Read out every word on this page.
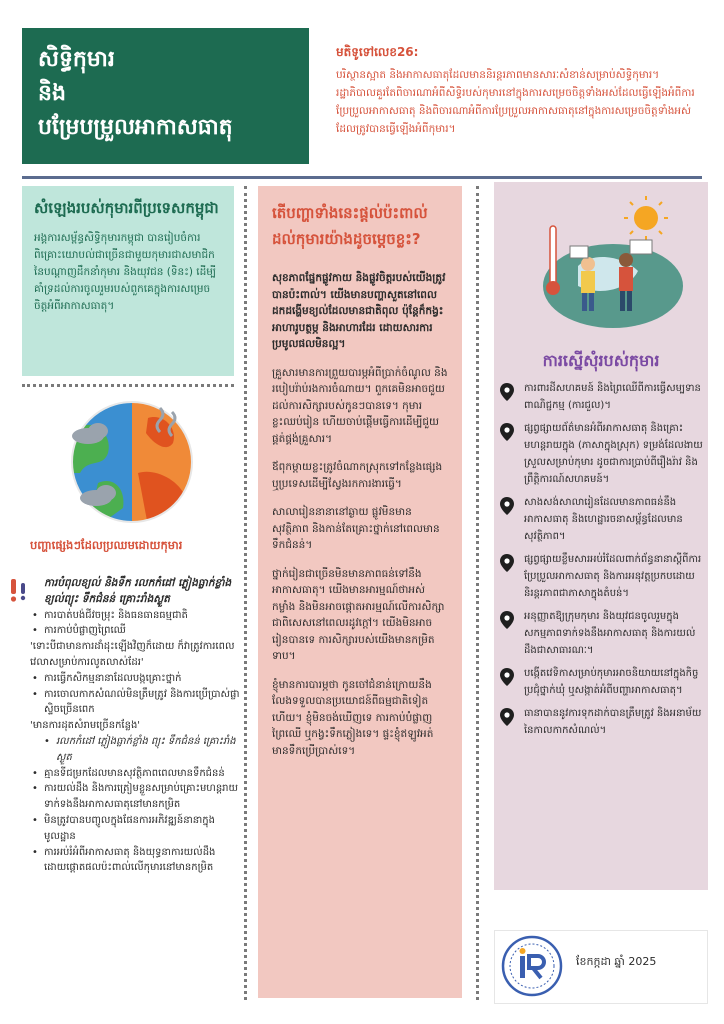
សិទ្ធិកុមារ
និង
បម្រែបម្រួលអាកាសធាតុ
មតិទូទៅលេខ26:
បរិស្ថានស្អាត និងអាកាសធាតុដែលមាននិរន្តរភាពមានសារៈសំខាន់សម្រាប់សិទ្ធិកុមារ។ រដ្ឋាភិបាលគួរតែពិចារណាអំពីសិទ្ធិរបស់កុមារនៅក្នុងការសម្រេចចិត្តទាំងអស់ដែលធ្វើឡើងអំពីការប្រែប្រួលអាកាសធាតុ និងពិចារណាអំពីការប្រែប្រួលអាកាសធាតុនៅក្នុងការសម្រេចចិត្តទាំងអស់ដែលត្រូវបានធ្វើឡើងអំពីកុមារ។
សំឡេងរបស់កុមារពីប្រទេសកម្ពុជា
អង្គការសម្ព័ន្ធសិទ្ធិកុមារកម្ពុជា បានរៀបចំការពិគ្រោះយោបល់ជាច្រើនជាមួយកុមារជាសមាជិកនៃបណ្តាញដឹកនាំកុមារ និងយុវជន (ទិនះ) ដើម្បីគាំទ្រដល់ការចូលរួមរបស់ពួកគេក្នុងការសម្រេចចិត្តអំពីអាកាសធាតុ។
បញ្ហាផ្សេងៗដែលប្រឈមដោយកុមារ
ការបំពុលខ្យល់ និងទឹក រលកកំដៅ ភ្លៀងធ្លាក់ខ្លាំង ខ្យល់ព្យុះ ទឹកជំនន់ គ្រោះរាំងស្ងួត
• ការបាត់បង់ជីវចម្រុះ និងធនធានធម្មជាតិ
• ការកាប់បំផ្លាញព្រៃឈើ
'ទោះបីជាមានការដាំដុះឡើងវិញក៏ដោយ ក៏វាត្រូវការពេលវេលាសម្រាប់ការលូតលាស់ដែរ'
• ការធ្វើកសិកម្មនានាដែលបង្កគ្រោះថ្នាក់
• ការចោលកាកសំណល់មិនត្រឹមត្រូវ និងការប្រើប្រាស់ផ្លាស្ទិចច្រើនពេក
'មានការដុតសំរាមច្រើនកន្លែង'
• រលកកំដៅ ភ្លៀងធ្លាក់ខ្លាំង ព្យុះ ទឹកជំនន់ គ្រោះរាំងស្ងួត
• គ្មានទីជម្រកដែលមានសុវត្ថិភាពពេលមានទឹកជំនន់
• ការយល់ដឹង និងការត្រៀមខ្លួនសម្រាប់គ្រោះមហន្តរាយទាក់ទងនឹងអាកាសធាតុនៅមានកម្រិត
• មិនត្រូវបានបញ្ចូលក្នុងផែនការអភិវឌ្ឍន៍នានាក្នុងមូលដ្ឋាន
• ការអប់រំអំពីអាកាសធាតុ និងយុទ្ធនាការយល់ដឹងដោយផ្តោតផលប៉ះពាល់លើកុមារនៅមានកម្រិត
តើបញ្ហាទាំងនេះផ្តល់ប៉ះពាល់ដល់កុមារយ៉ាងដូចម្តេចខ្លះ?
សុខភាពផ្នែកផ្លូវកាយ និងផ្លូវចិត្តរបស់យើងត្រូវបានប៉ះពាល់។ យើងមានបញ្ហាសួតនៅពេលដកដង្ហើមខ្យល់ដែលមានជាតិពុល ប៉ុន្តែក៏កង្វះអាហារូបត្ថម្ភ និងអាហារដែរ ដោយសារការប្រមូលផលមិនល្អ។
គ្រួសារមានការព្រួយបារម្ភអំពីប្រាក់ចំណូល និងរបៀបរ៉ាប់រងការចំណាយ។ ពួកគេមិនអាចជួយដល់ការសិក្សារបស់កូនៗបានទេ។ កុមារខ្លះឈប់រៀន ហើយចាប់ផ្តើមធ្វើការដើម្បីជួយផ្គត់ផ្គង់គ្រួសារ។
ឪពុកម្តាយខ្លះត្រូវចំណាកស្រុកទៅកន្លែងផ្សេង ឬប្រទេសដើម្បីស្វែងរកការងារធ្វើ។
សាលារៀននានានៅឆ្ងាយ ផ្លូវមិនមានសុវត្ថិភាព និងកាន់តែគ្រោះថ្នាក់នៅពេលមានទឹកជំនន់។
ថ្នាក់រៀនជាច្រើនមិនមានភាពធន់ទៅនឹងអាកាសធាតុ។ យើងមានអារម្មណ៍ថាអស់កម្លាំង និងមិនអាចផ្តោតអារម្មណ៍លើការសិក្សា ជាពិសេសនៅពេលរដូវក្តៅ។ យើងមិនអាចរៀនបានទេ ការសិក្សារបស់យើងមានកម្រិតទាប។
ខ្ញុំមានការបារម្ភថា កូនចៅជំនាន់ក្រោយនឹងលែងទទួលបានប្រយោជន៍ពីធម្មជាតិទៀតហើយ។ ខ្ញុំមិនចង់ឃើញទេ ការកាប់បំផ្លាញព្រៃឈើ ឬកង្វះទឹកភ្លៀងទេ។ ផ្ទះខ្ញុំឥឡូវអត់មានទឹកប្រើប្រាស់ទេ។
ការស្នើសុំរបស់កុមារ
ការពារដីសហគមន៍ និងព្រៃឈើពីការធ្វើសម្បទានពាណិជ្ជកម្ម (ការជួល)។
ផ្សព្វផ្សាយព័ត៌មានអំពីអាកាសធាតុ និងគ្រោះមហន្តរាយក្នុង (ភាសាក្នុងស្រុក) ទម្រង់ដែលងាយស្រួលសម្រាប់កុមារ ដូចជាការប្រាប់ពីរឿងរ៉ាវ និងព្រឹត្តិការណ៍សហគមន៍។
សាងសង់សាលារៀនដែលមានភាពធន់នឹងអាកាសធាតុ និងហេដ្ឋារចនាសម្ព័ន្ធដែលមានសុវត្ថិភាព។
ផ្សព្វផ្សាយខ្លឹមសារអប់រំដែលពាក់ព័ន្ធនានាស្តីពីការប្រែប្រួលអាកាសធាតុ និងការអនុវត្តប្រកបដោយនិរន្តរភាពជាភាសាក្នុងតំបន់។
អនុញ្ញាតឱ្យក្រុមកុមារ និងយុវជនចូលរួមក្នុងសកម្មភាពទាក់ទងនឹងអាកាសធាតុ និងការយល់ដឹងជាសាធារណៈ។
បង្កើតវេទិកាសម្រាប់កុមារអាចនិយាយនៅក្នុងកិច្ចប្រជុំថ្នាក់ឃុំ ឬសង្កាត់អំពីបញ្ហាអាកាសធាតុ។
ធានាបាននូវការទុកដាក់បានត្រឹមត្រូវ និងអនាម័យនៃកាលកាកសំណល់។
ខែកក្កដា ឆ្នាំ 2025
